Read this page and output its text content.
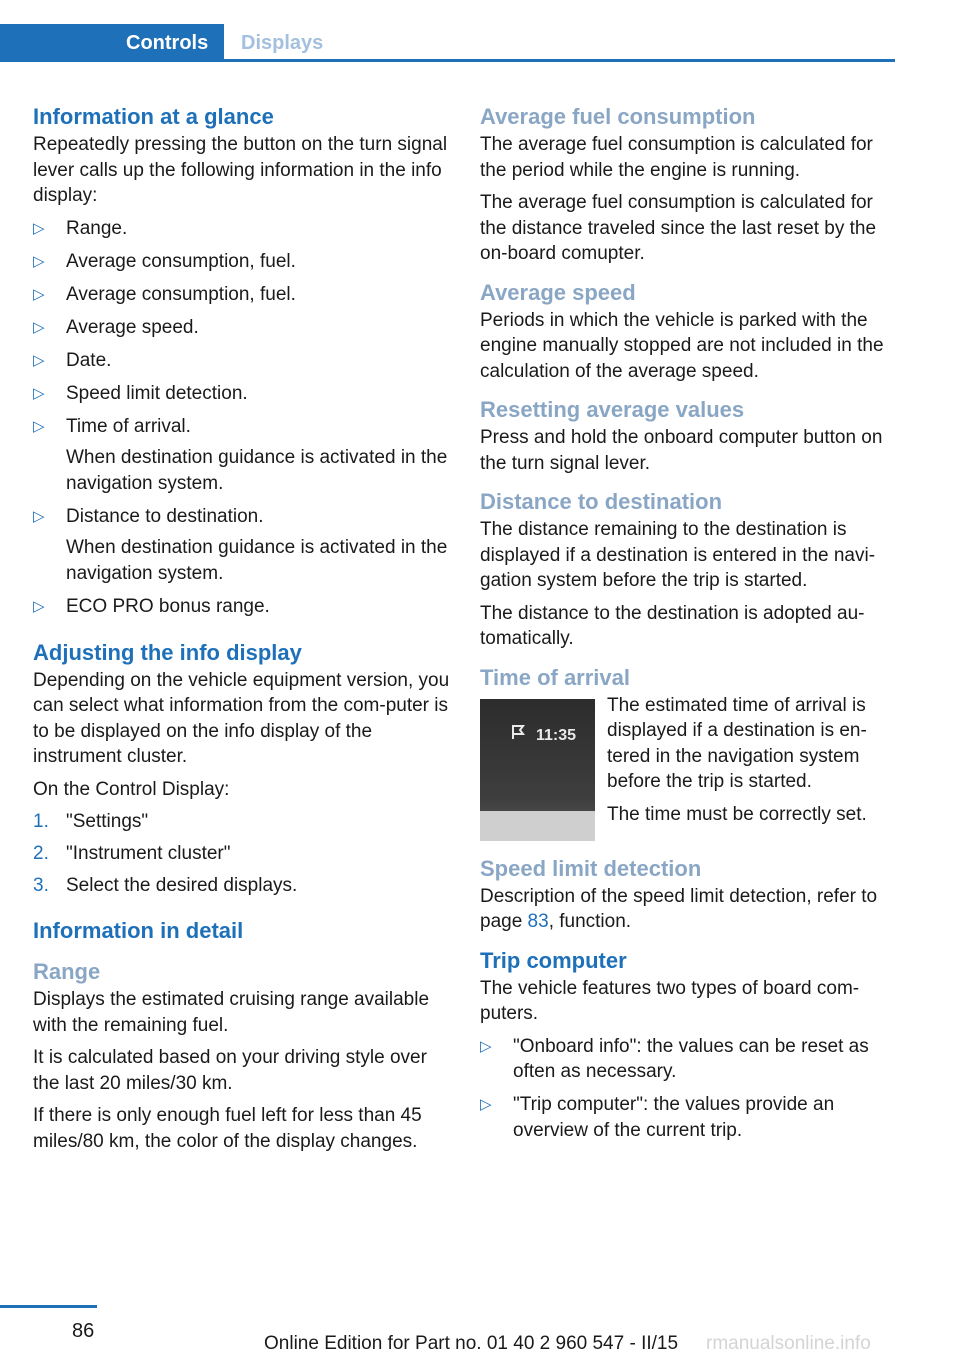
Controls	Displays
Information at a glance

Repeatedly pressing the button on the turn signal lever calls up the following information in the info display:

▷ Range.
▷ Average consumption, fuel.
▷ Average consumption, fuel.
▷ Average speed.
▷ Date.
▷ Speed limit detection.
▷ Time of arrival.
When destination guidance is activated in the navigation system.
▷ Distance to destination.
When destination guidance is activated in the navigation system.
▷ ECO PRO bonus range.
Adjusting the info display

Depending on the vehicle equipment version, you can select what information from the com‐puter is to be displayed on the info display of the instrument cluster.

On the Control Display:

1. "Settings"
2. "Instrument cluster"
3. Select the desired displays.
Information in detail
Range

Displays the estimated cruising range available with the remaining fuel.

It is calculated based on your driving style over the last 20 miles/30 km.

If there is only enough fuel left for less than 45 miles/80 km, the color of the display changes.

Average fuel consumption

The average fuel consumption is calculated for the period while the engine is running.

The average fuel consumption is calculated for the distance traveled since the last reset by the on-board comupter.

Average speed

Periods in which the vehicle is parked with the engine manually stopped are not included in the calculation of the average speed.

Resetting average values

Press and hold the onboard computer button on the turn signal lever.

Distance to destination

The distance remaining to the destination is displayed if a destination is entered in the navi‐gation system before the trip is started.

The distance to the destination is adopted au‐tomatically.

Time of arrival
11:35

The estimated time of arrival is displayed if a destination is en‐tered in the navigation system before the trip is started.

The time must be correctly set.

Speed limit detection

Description of the speed limit detection, refer to page 83, function.

Trip computer

The vehicle features two types of board com‐puters.

▷ "Onboard info": the values can be reset as often as necessary.
▷ "Trip computer": the values provide an overview of the current trip.
86
Online Edition for Part no. 01 40 2 960 547 - II/15 rmanualsonline.info
